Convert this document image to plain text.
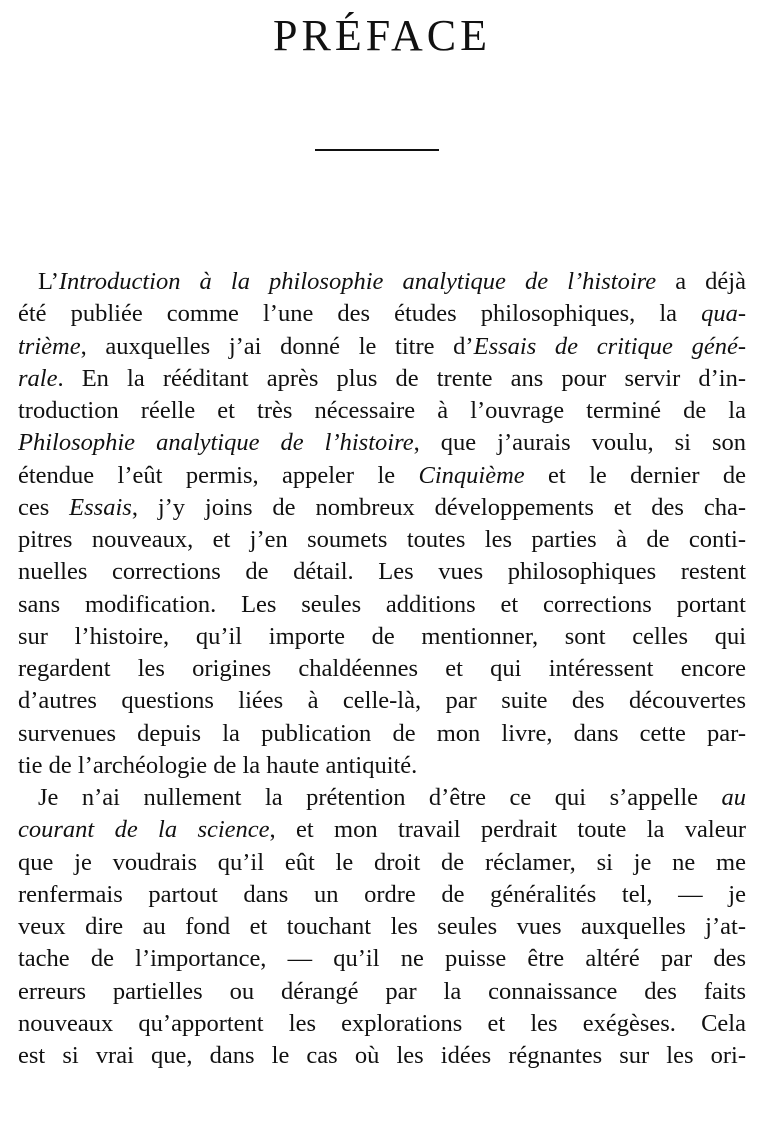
PRÉFACE
L’Introduction à la philosophie analytique de l’histoire a déjà
été publiée comme l’une des études philosophiques, la qua-
trième, auxquelles j’ai donné le titre d’Essais de critique géné-
rale. En la rééditant après plus de trente ans pour servir d’in-
troduction réelle et très nécessaire à l’ouvrage terminé de la
Philosophie analytique de l’histoire, que j’aurais voulu, si son
étendue l’eût permis, appeler le Cinquième et le dernier de
ces Essais, j’y joins de nombreux développements et des cha-
pitres nouveaux, et j’en soumets toutes les parties à de conti-
nuelles corrections de détail. Les vues philosophiques restent
sans modification. Les seules additions et corrections portant
sur l’histoire, qu’il importe de mentionner, sont celles qui
regardent les origines chaldéennes et qui intéressent encore
d’autres questions liées à celle-là, par suite des découvertes
survenues depuis la publication de mon livre, dans cette par-
tie de l’archéologie de la haute antiquité.
Je n’ai nullement la prétention d’être ce qui s’appelle au
courant de la science, et mon travail perdrait toute la valeur
que je voudrais qu’il eût le droit de réclamer, si je ne me
renfermais partout dans un ordre de généralités tel, — je
veux dire au fond et touchant les seules vues auxquelles j’at-
tache de l’importance, — qu’il ne puisse être altéré par des
erreurs partielles ou dérangé par la connaissance des faits
nouveaux qu’apportent les explorations et les exégèses. Cela
est si vrai que, dans le cas où les idées régnantes sur les ori-
